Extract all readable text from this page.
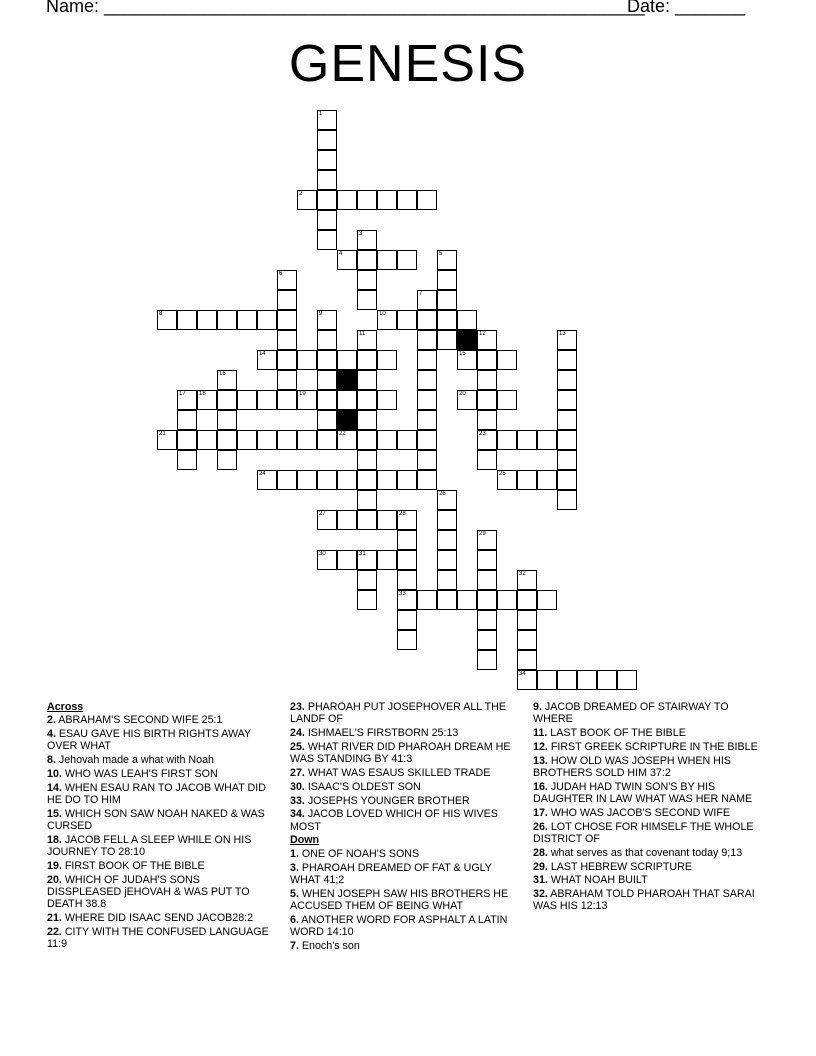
Name: ______________________________________________________
Date: _______
GENESIS
1
2
3
4	5
6
7
8	9	10
11	12	13
14	15
16
17 18	19	20
21	22	23
24	25
26
27	28
29
30	31
32
33
34
Across
2. ABRAHAM'S SECOND WIFE 25:1
4. ESAU GAVE HIS BIRTH RIGHTS AWAY OVER WHAT
8. Jehovah made a what with Noah
10. WHO WAS LEAH'S FIRST SON
14. WHEN ESAU RAN TO JACOB WHAT DID HE DO TO HIM
15. WHICH SON SAW NOAH NAKED & WAS CURSED
18. JACOB FELL A SLEEP WHILE ON HIS JOURNEY TO 28:10
19. FIRST BOOK OF THE BIBLE
20. WHICH OF JUDAH'S SONS DISSPLEASED jEHOVAH & WAS PUT TO DEATH 38.8
21. WHERE DID ISAAC SEND JACOB28:2
22. CITY WITH THE CONFUSED LANGUAGE 11:9
23. PHAROAH PUT JOSEPHOVER ALL THE LANDF OF
24. ISHMAEL'S FIRSTBORN 25:13
25. WHAT RIVER DID PHAROAH DREAM HE WAS STANDING BY 41:3
27. WHAT WAS ESAUS SKILLED TRADE
30. ISAAC'S OLDEST SON
33. JOSEPHS YOUNGER BROTHER
34. JACOB LOVED WHICH OF HIS WIVES MOST
Down
1. ONE OF NOAH'S SONS
3. PHAROAH DREAMED OF FAT & UGLY WHAT 41;2
5. WHEN JOSEPH SAW HIS BROTHERS HE ACCUSED THEM OF BEING WHAT
6. ANOTHER WORD FOR ASPHALT A LATIN WORD 14:10
7. Enoch's son
9. JACOB DREAMED OF STAIRWAY TO WHERE
11. LAST BOOK OF THE BIBLE
12. FIRST GREEK SCRIPTURE IN THE BIBLE
13. HOW OLD WAS JOSEPH WHEN HIS BROTHERS SOLD HIM 37:2
16. JUDAH HAD TWIN SON'S BY HIS DAUGHTER IN LAW WHAT WAS HER NAME
17. WHO WAS JACOB'S SECOND WIFE
26. LOT CHOSE FOR HIMSELF THE WHOLE DISTRICT OF
28. what serves as that covenant today 9;13
29. LAST HEBREW SCRIPTURE
31. WHAT NOAH BUILT
32. ABRAHAM TOLD PHAROAH THAT SARAI WAS HIS 12:13
